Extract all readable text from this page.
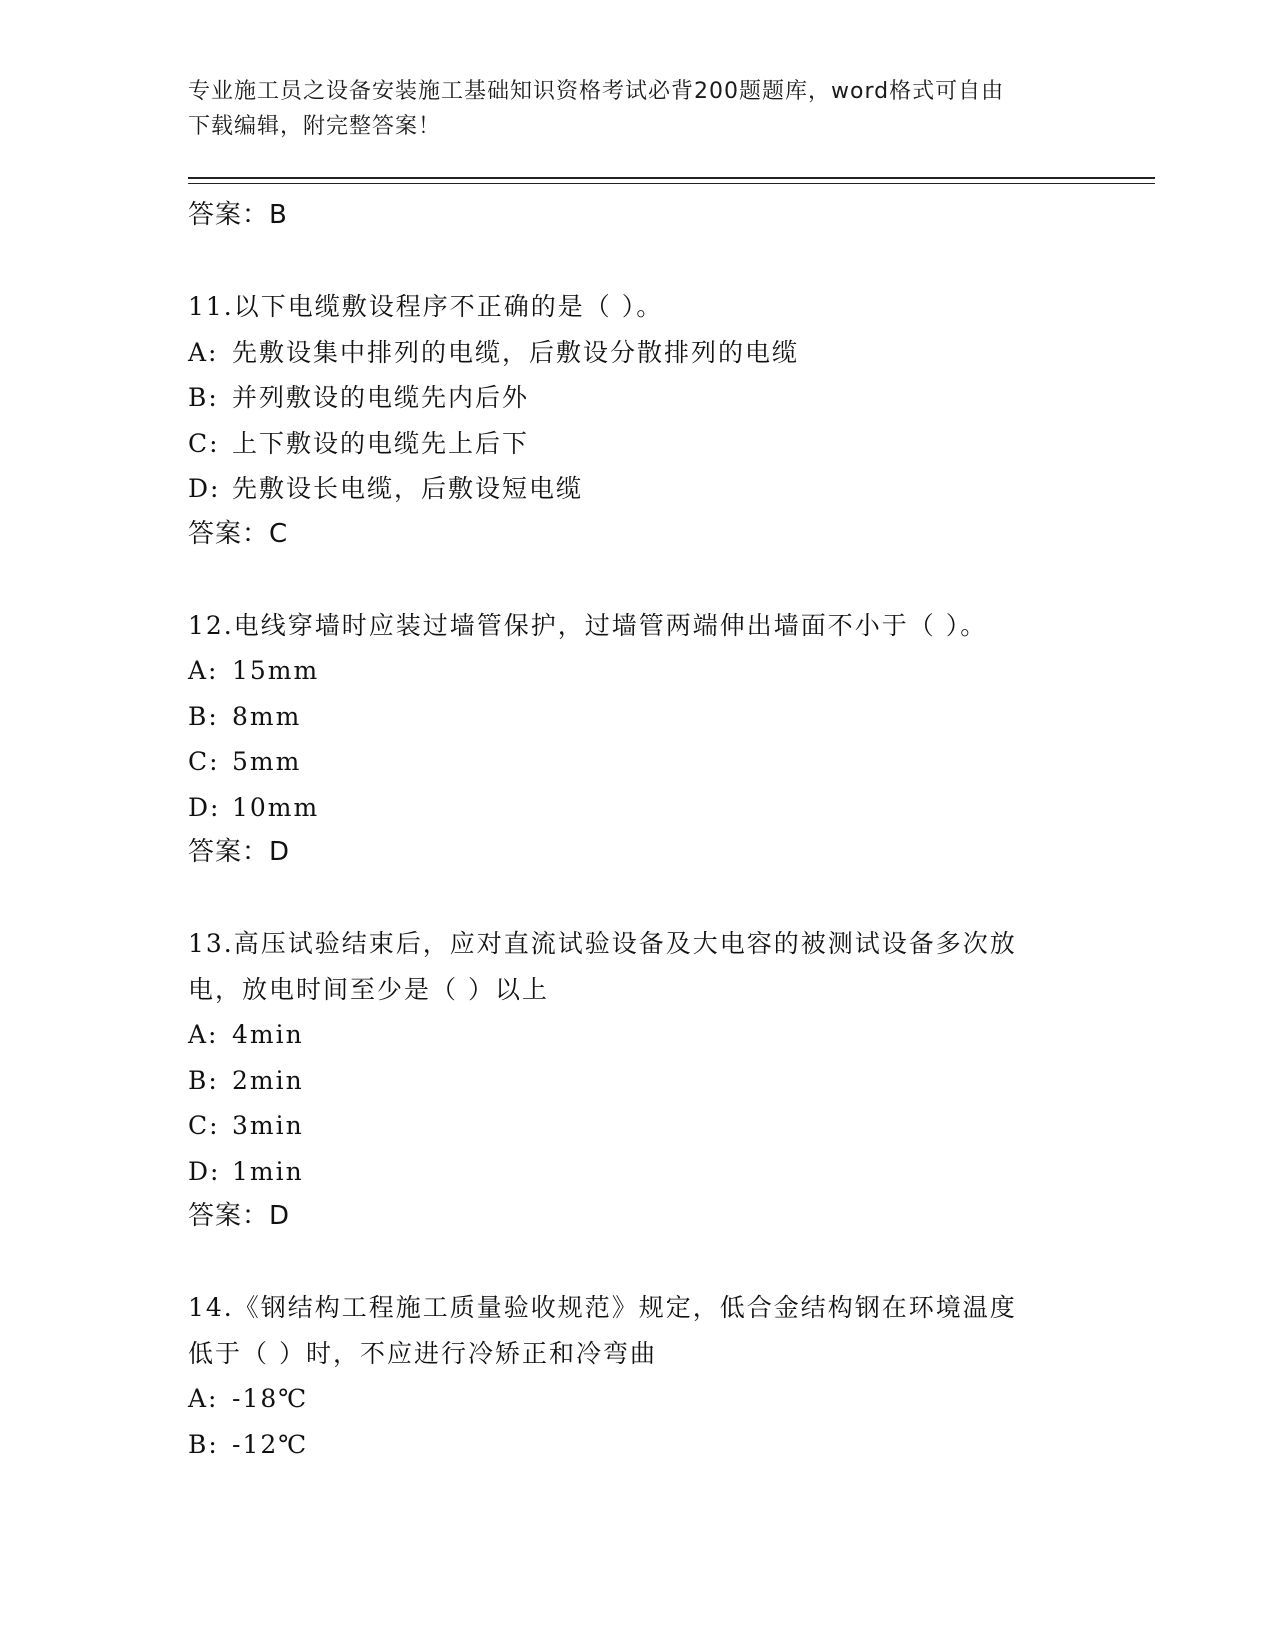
专业施工员之设备安装施工基础知识资格考试必背200题题库，word格式可自由
下载编辑，附完整答案！
答案：B
11.以下电缆敷设程序不正确的是（ ）。
A: 先敷设集中排列的电缆，后敷设分散排列的电缆
B: 并列敷设的电缆先内后外
C: 上下敷设的电缆先上后下
D: 先敷设长电缆，后敷设短电缆
答案：C
12.电线穿墙时应装过墙管保护，过墙管两端伸出墙面不小于（ ）。
A: 15mm
B: 8mm
C: 5mm
D: 10mm
答案：D
13.高压试验结束后，应对直流试验设备及大电容的被测试设备多次放
电，放电时间至少是（ ）以上
A: 4min
B: 2min
C: 3min
D: 1min
答案：D
14.《钢结构工程施工质量验收规范》规定，低合金结构钢在环境温度
低于（ ）时，不应进行冷矫正和冷弯曲
A: -18℃
B: -12℃
